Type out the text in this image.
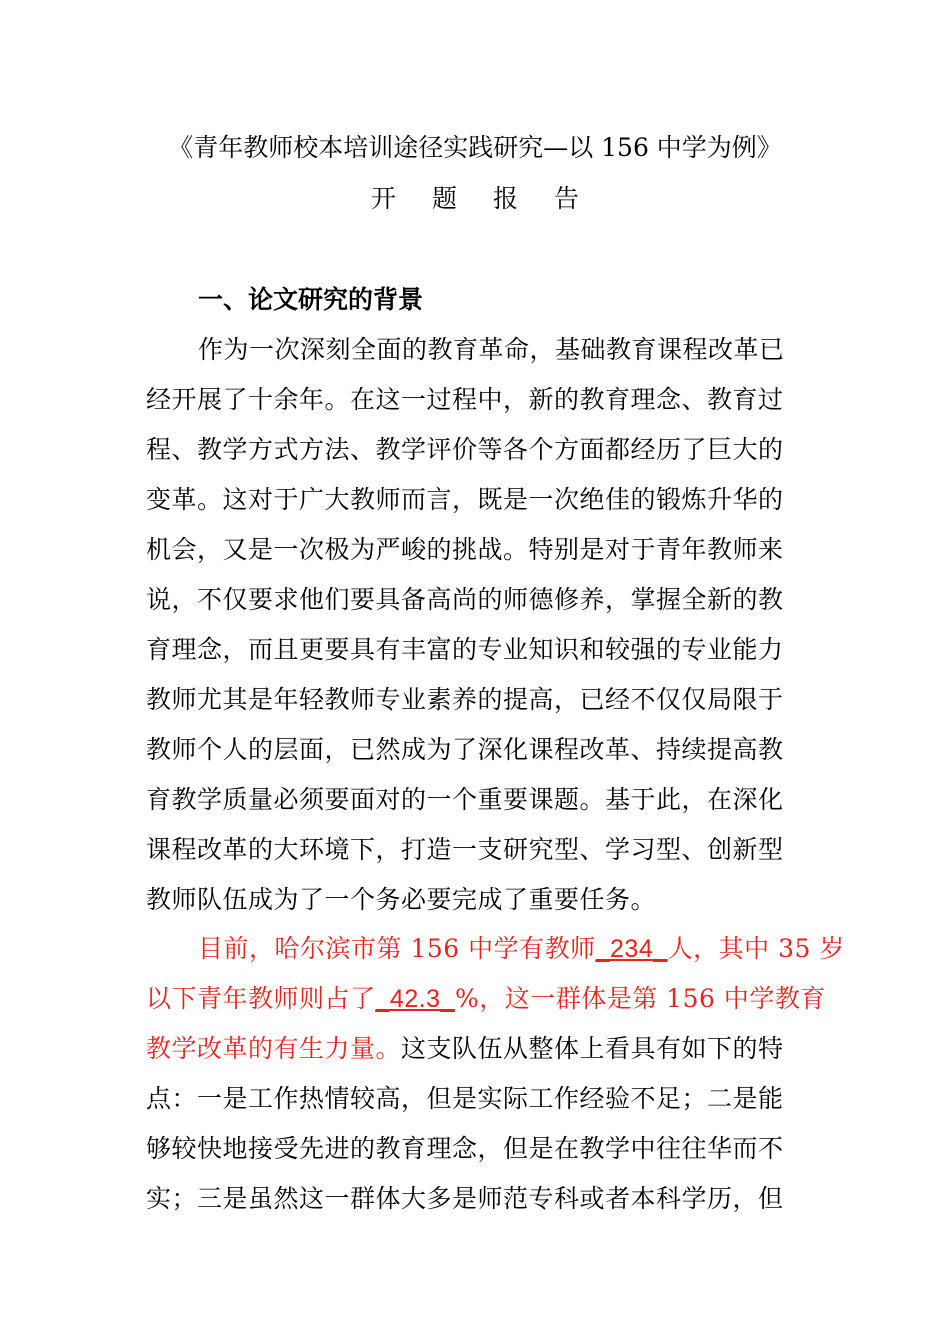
《青年教师校本培训途径实践研究—以 156 中学为例》
开 题 报 告
一、论文研究的背景
作为一次深刻全面的教育革命，基础教育课程改革已
经开展了十余年。在这一过程中，新的教育理念、教育过
程、教学方式方法、教学评价等各个方面都经历了巨大的
变革。这对于广大教师而言，既是一次绝佳的锻炼升华的
机会，又是一次极为严峻的挑战。特别是对于青年教师来
说，不仅要求他们要具备高尚的师德修养，掌握全新的教
育理念，而且更要具有丰富的专业知识和较强的专业能力
教师尤其是年轻教师专业素养的提高，已经不仅仅局限于
教师个人的层面，已然成为了深化课程改革、持续提高教
育教学质量必须要面对的一个重要课题。基于此，在深化
课程改革的大环境下，打造一支研究型、学习型、创新型
教师队伍成为了一个务必要完成了重要任务。
目前，哈尔滨市第 156 中学有教师_234_人，其中 35 岁
以下青年教师则占了_42.3_%，这一群体是第 156 中学教育
教学改革的有生力量。这支队伍从整体上看具有如下的特
点：一是工作热情较高，但是实际工作经验不足；二是能
够较快地接受先进的教育理念，但是在教学中往往华而不
实；三是虽然这一群体大多是师范专科或者本科学历，但
